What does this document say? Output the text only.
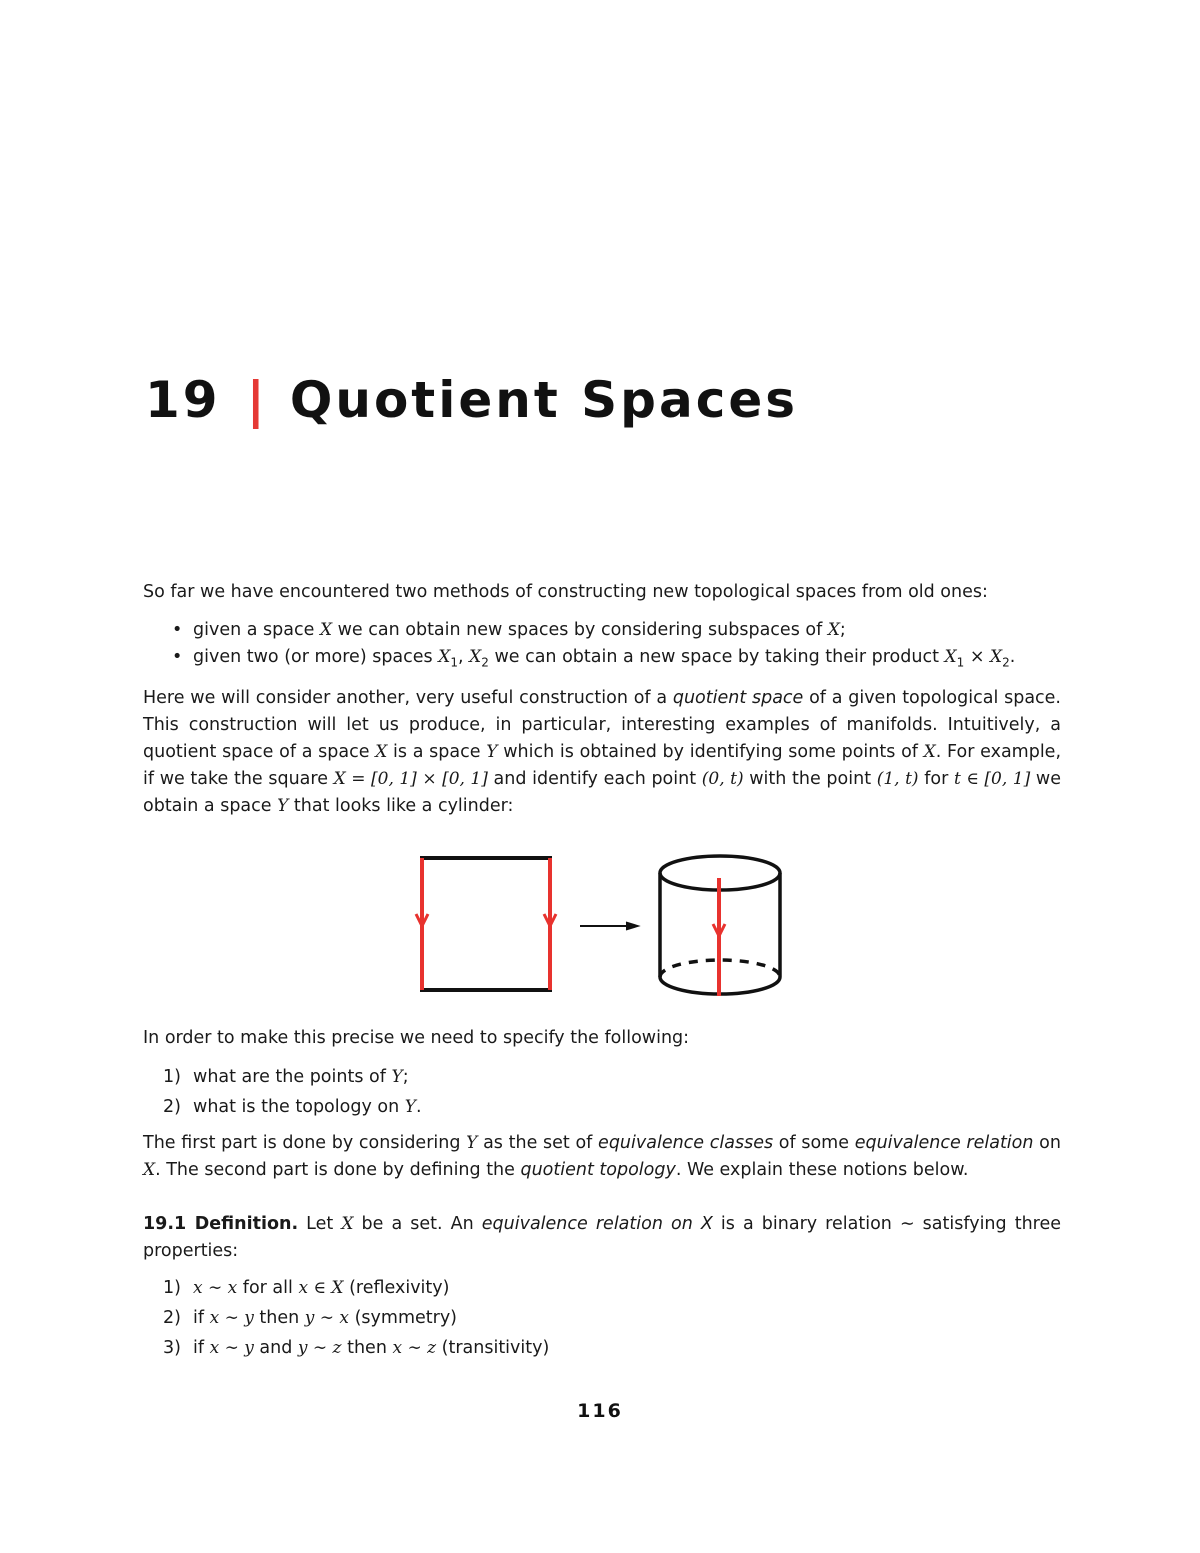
19 | Quotient Spaces

So far we have encountered two methods of constructing new topological spaces from old ones:

• given a space X we can obtain new spaces by considering subspaces of X;
• given two (or more) spaces $X_1$, $X_2$ we can obtain a new space by taking their product $X_1 \times X_2$.

Here we will consider another, very useful construction of a quotient space of a given topological space. This construction will let us produce, in particular, interesting examples of manifolds. Intuitively, a quotient space of a space X is a space Y which is obtained by identifying some points of X. For example, if we take the square X = [0, 1] × [0, 1] and identify each point (0, t) with the point (1, t) for t ∈ [0, 1] we obtain a space Y that looks like a cylinder:

In order to make this precise we need to specify the following:

1) what are the points of Y;
2) what is the topology on Y.

The first part is done by considering Y as the set of equivalence classes of some equivalence relation on X. The second part is done by defining the quotient topology. We explain these notions below.

19.1 Definition. Let X be a set. An equivalence relation on X is a binary relation ∼ satisfying three properties:

1) x ∼ x for all x ∈ X (reflexivity)
2) if x ∼ y then y ∼ x (symmetry)
3) if x ∼ y and y ∼ z then x ∼ z (transitivity)
116
